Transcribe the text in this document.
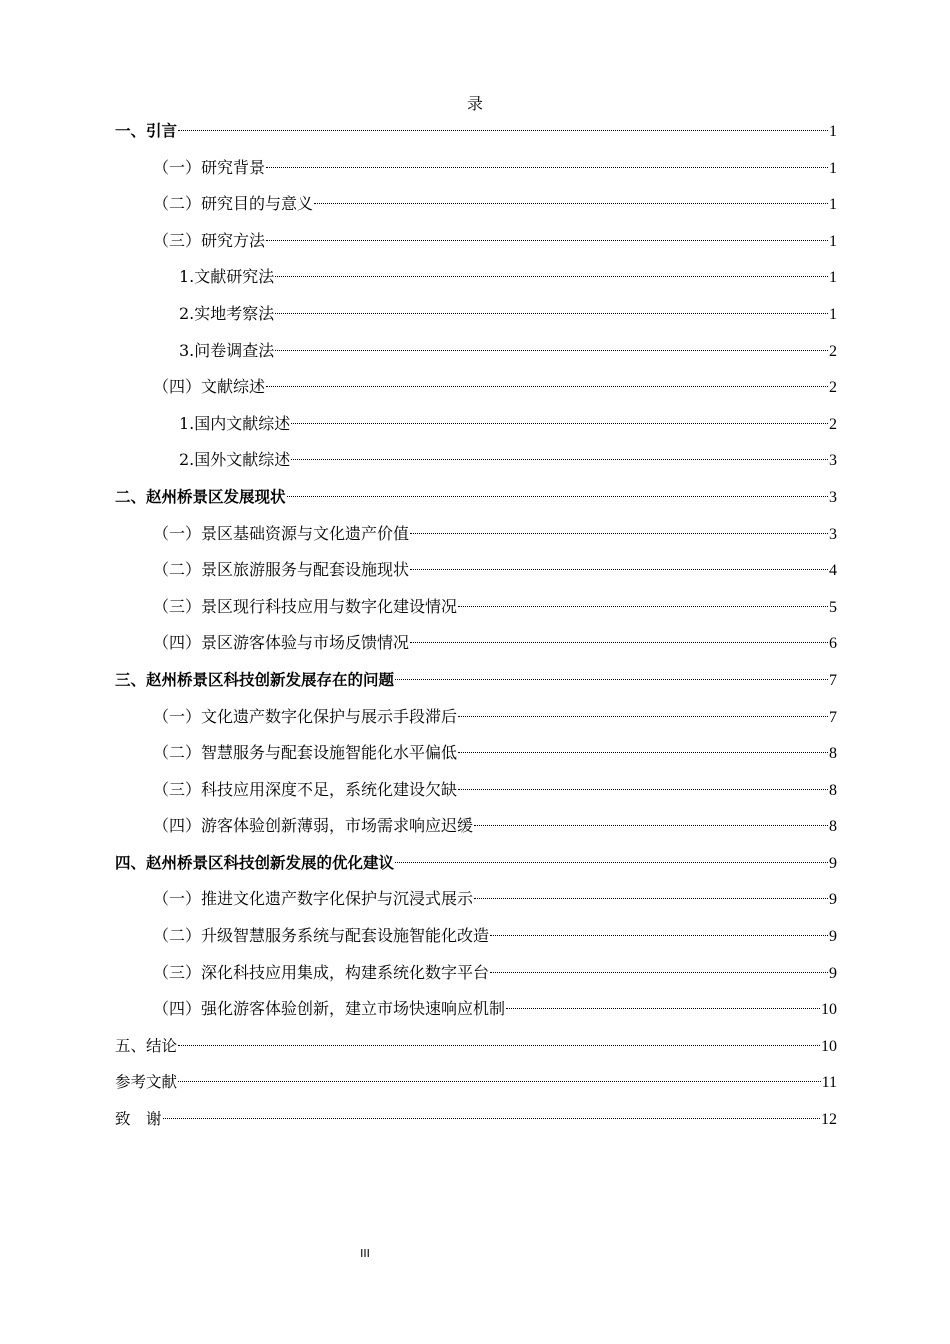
录
一、引言	1
（一）研究背景	1
（二）研究目的与意义	1
（三）研究方法	1
1.文献研究法	1
2.实地考察法	1
3.问卷调查法	2
（四）文献综述	2
1.国内文献综述	2
2.国外文献综述	3
二、赵州桥景区发展现状	3
（一）景区基础资源与文化遗产价值	3
（二）景区旅游服务与配套设施现状	4
（三）景区现行科技应用与数字化建设情况	5
（四）景区游客体验与市场反馈情况	6
三、赵州桥景区科技创新发展存在的问题	7
（一）文化遗产数字化保护与展示手段滞后	7
（二）智慧服务与配套设施智能化水平偏低	8
（三）科技应用深度不足，系统化建设欠缺	8
（四）游客体验创新薄弱，市场需求响应迟缓	8
四、赵州桥景区科技创新发展的优化建议	9
（一）推进文化遗产数字化保护与沉浸式展示	9
（二）升级智慧服务系统与配套设施智能化改造	9
（三）深化科技应用集成，构建系统化数字平台	9
（四）强化游客体验创新，建立市场快速响应机制	10
五、结论	10
参考文献	11
致　谢	12
III
